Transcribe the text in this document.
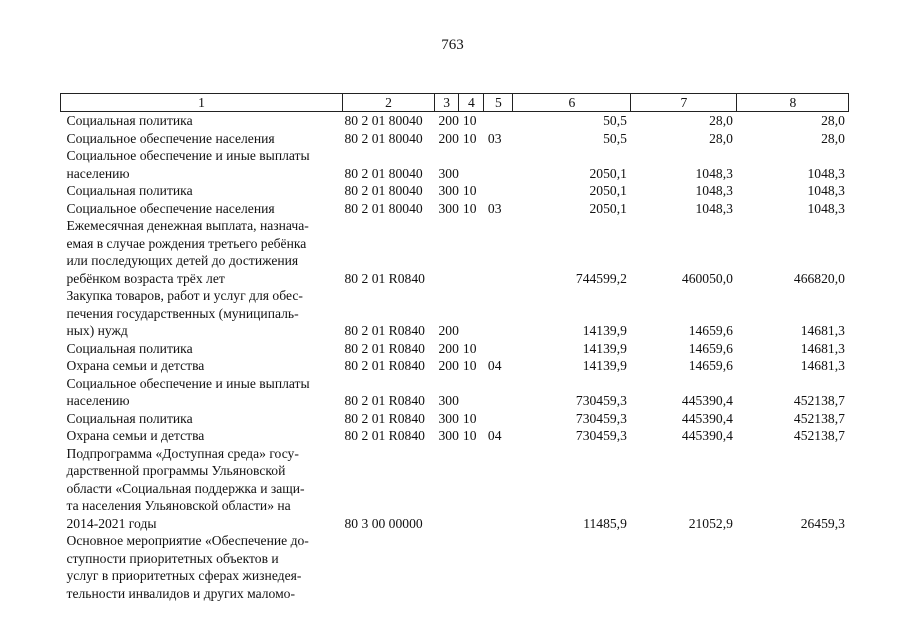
763
1	2	3	4	5	6	7	8

Социальная политика	80 2 01 80040	200	10		50,5	28,0	28,0

Социальное обеспечение населения	80 2 01 80040	200	10	03	50,5	28,0	28,0

Социальное обеспечение и иные выплаты
населению	80 2 01 80040	300			2050,1	1048,3	1048,3

Социальная политика	80 2 01 80040	300	10		2050,1	1048,3	1048,3

Социальное обеспечение населения	80 2 01 80040	300	10	03	2050,1	1048,3	1048,3

Ежемесячная денежная выплата, назнача-
емая в случае рождения третьего ребёнка
или последующих детей до достижения
ребёнком возраста трёх лет	80 2 01 R0840				744599,2	460050,0	466820,0

Закупка товаров, работ и услуг для обес-
печения государственных (муниципаль-
ных) нужд	80 2 01 R0840	200			14139,9	14659,6	14681,3

Социальная политика	80 2 01 R0840	200	10		14139,9	14659,6	14681,3

Охрана семьи и детства	80 2 01 R0840	200	10	04	14139,9	14659,6	14681,3

Социальное обеспечение и иные выплаты
населению	80 2 01 R0840	300			730459,3	445390,4	452138,7

Социальная политика	80 2 01 R0840	300	10		730459,3	445390,4	452138,7

Охрана семьи и детства	80 2 01 R0840	300	10	04	730459,3	445390,4	452138,7

Подпрограмма «Доступная среда» госу-
дарственной программы Ульяновской
области «Социальная поддержка и защи-
та населения Ульяновской области» на
2014-2021 годы	80 3 00 00000				11485,9	21052,9	26459,3

Основное мероприятие «Обеспечение до-
ступности приоритетных объектов и
услуг в приоритетных сферах жизнедея-
тельности инвалидов и других маломо-							
